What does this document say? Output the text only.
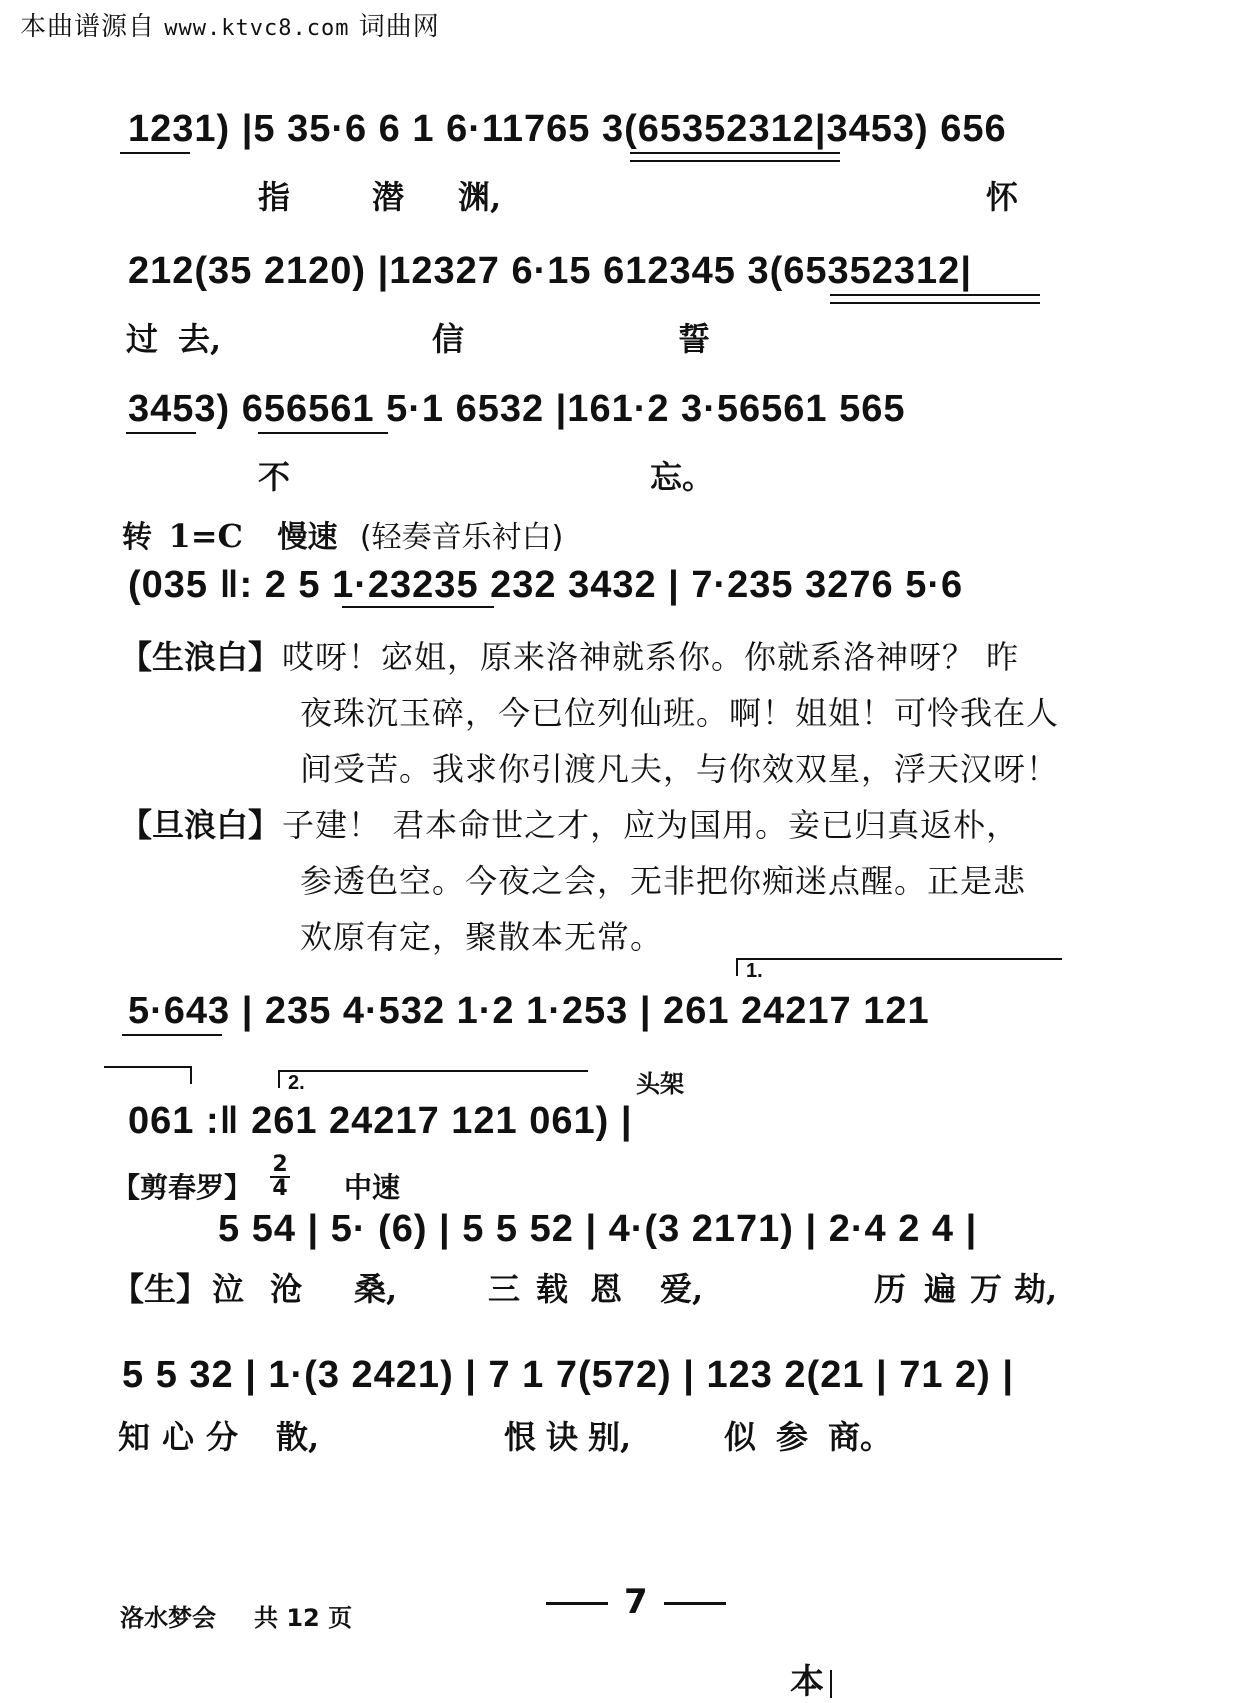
本曲谱源自 www.ktvc8.com 词曲网
1231) |5 35·6 6 1 6·11765 3(65352312|3453) 656
指	潜 渊,	怀
212(35 2120) |12327 6·15 612345 3(65352312|
过 去,	信	誓
3453) 656561 5·1 6532 |161·2 3·56561 565
不	忘。
转 1=C 慢速 (轻奏音乐衬白)
(035 ‖: 2 5 1·23235 232 3432 | 7·235 3276 5·6
【生浪白】 哎呀！宓姐，原来洛神就系你。你就系洛神呀？ 昨
夜珠沉玉碎，今已位列仙班。啊！姐姐！可怜我在人
间受苦。我求你引渡凡夫，与你效双星，浮天汉呀！
【旦浪白】 子建！ 君本命世之才，应为国用。妾已归真返朴，
参透色空。今夜之会，无非把你痴迷点醒。正是悲
欢原有定，聚散本无常。
1.
5·643 | 235 4·532 1·2 1·253 | 261 24217 121
2.	头架
061 :‖ 261 24217 121 061) |
【剪春罗】
2
4 中速
5 54 | 5· (6) | 5 5 52 | 4·(3 2171) | 2·4 2 4 |
【生】 泣 沧 桑,	三 载 恩 爱,	历 遍 万 劫,
5 5 32 | 1·(3 2421) | 7 1 7(572) | 123 2(21 | 71 2) |
知 心 分 散,	恨 诀 别,	似 参 商。
洛水梦会 共 12 页	7
本
